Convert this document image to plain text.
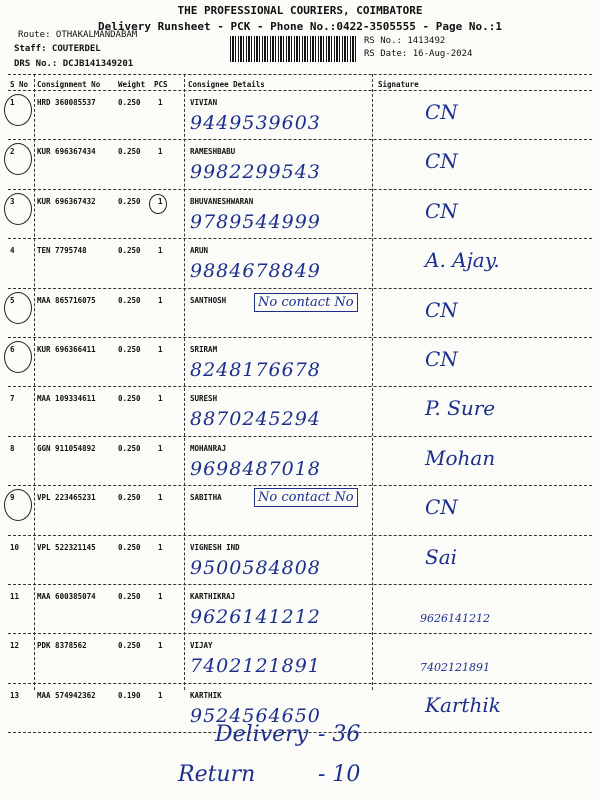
THE PROFESSIONAL COURIERS, COIMBATORE
Delivery Runsheet - PCK - Phone No.:0422-3505555 - Page No.:1
Route: OTHAKALMANDABAM
Staff: COUTERDEL
DRS No.: DCJB141349201
RS No.: 1413492
RS Date: 16-Aug-2024
S No Consignment No Weight PCS	Consignee Details	Signature
1	HRD 360085537	0.250 1	VIVIAN
9449539603	CN
2	KUR 696367434	0.250 1	RAMESHBABU
9982299543	CN
3	KUR 696367432	0.250 1	BHUVANESHWARAN
9789544999	CN
4	TEN 7795748	0.250 1	ARUN
9884678849	A. Ajay.
5	MAA 865716075	0.250 1	SANTHOSH	No contact No	CN
6	KUR 696366411	0.250 1	SRIRAM
8248176678	CN
7	MAA 109334611	0.250 1	SURESH
8870245294	P. Sure
8	GGN 911054892	0.250 1	MOHANRAJ
9698487018	Mohan
9	VPL 223465231	0.250 1	SABITHA	No contact No	CN
10 VPL 522321145	0.250 1	VIGNESH IND
9500584808	Sai
11 MAA 600385074	0.250 1	KARTHIKRAJ
9626141212	9626141212
12 PDK 8378562	0.250 1	VIJAY
7402121891	7402121891
13 MAA 574942362	0.190 1	KARTHIK
9524564650	Karthik
Delivery - 36
Return	- 10
